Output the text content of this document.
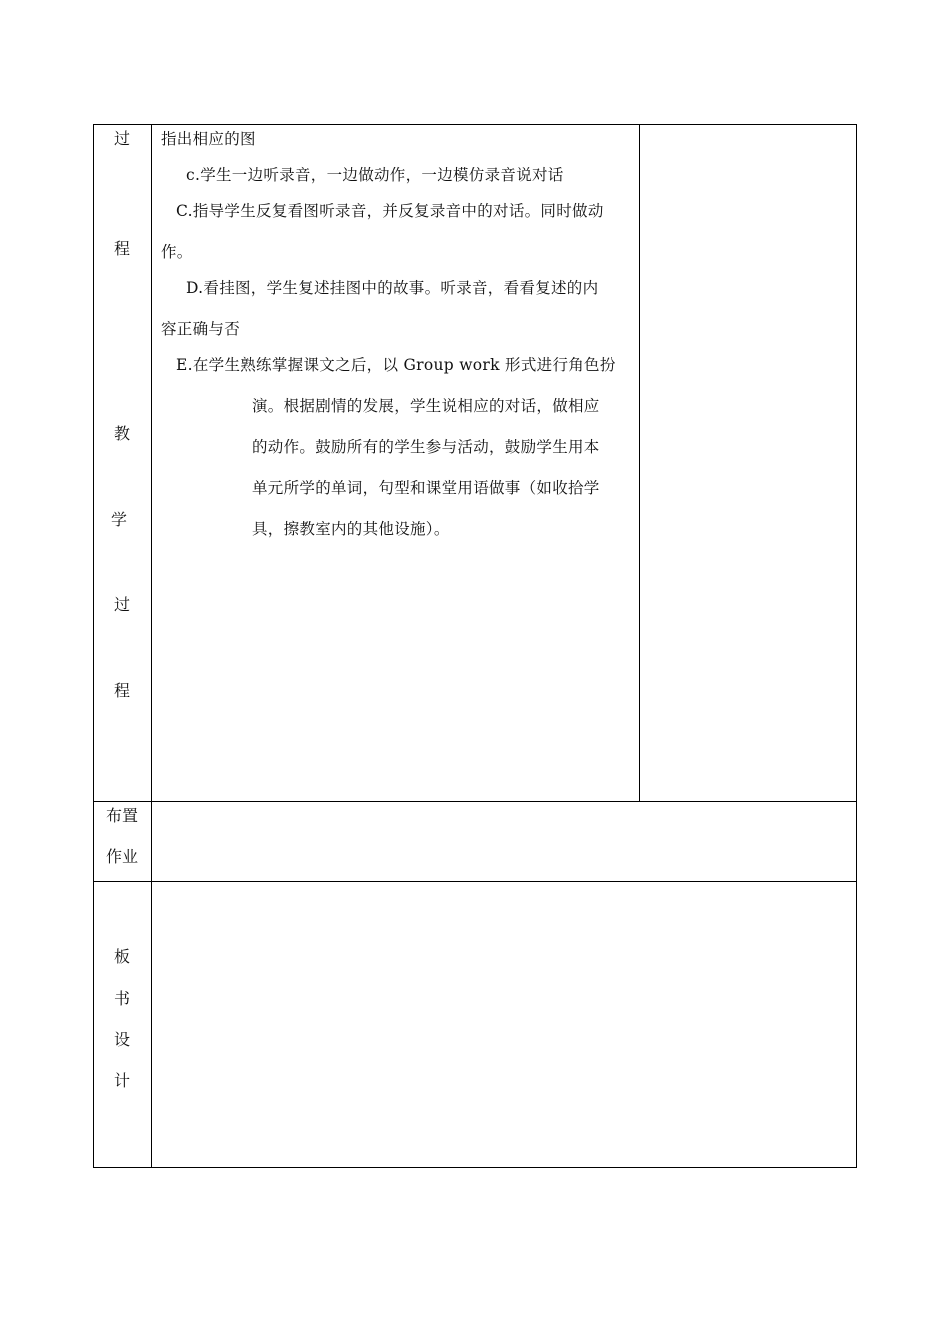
过
程
教
学
过
程
指出相应的图
c.学生一边听录音，一边做动作，一边模仿录音说对话
C.指导学生反复看图听录音，并反复录音中的对话。同时做动
作。
D.看挂图，学生复述挂图中的故事。听录音，看看复述的内
容正确与否
E.在学生熟练掌握课文之后，以 Group work 形式进行角色扮
演。根据剧情的发展，学生说相应的对话，做相应
的动作。鼓励所有的学生参与活动，鼓励学生用本
单元所学的单词，句型和课堂用语做事（如收拾学
具，擦教室内的其他设施）。
布置
作业
板
书
设
计
